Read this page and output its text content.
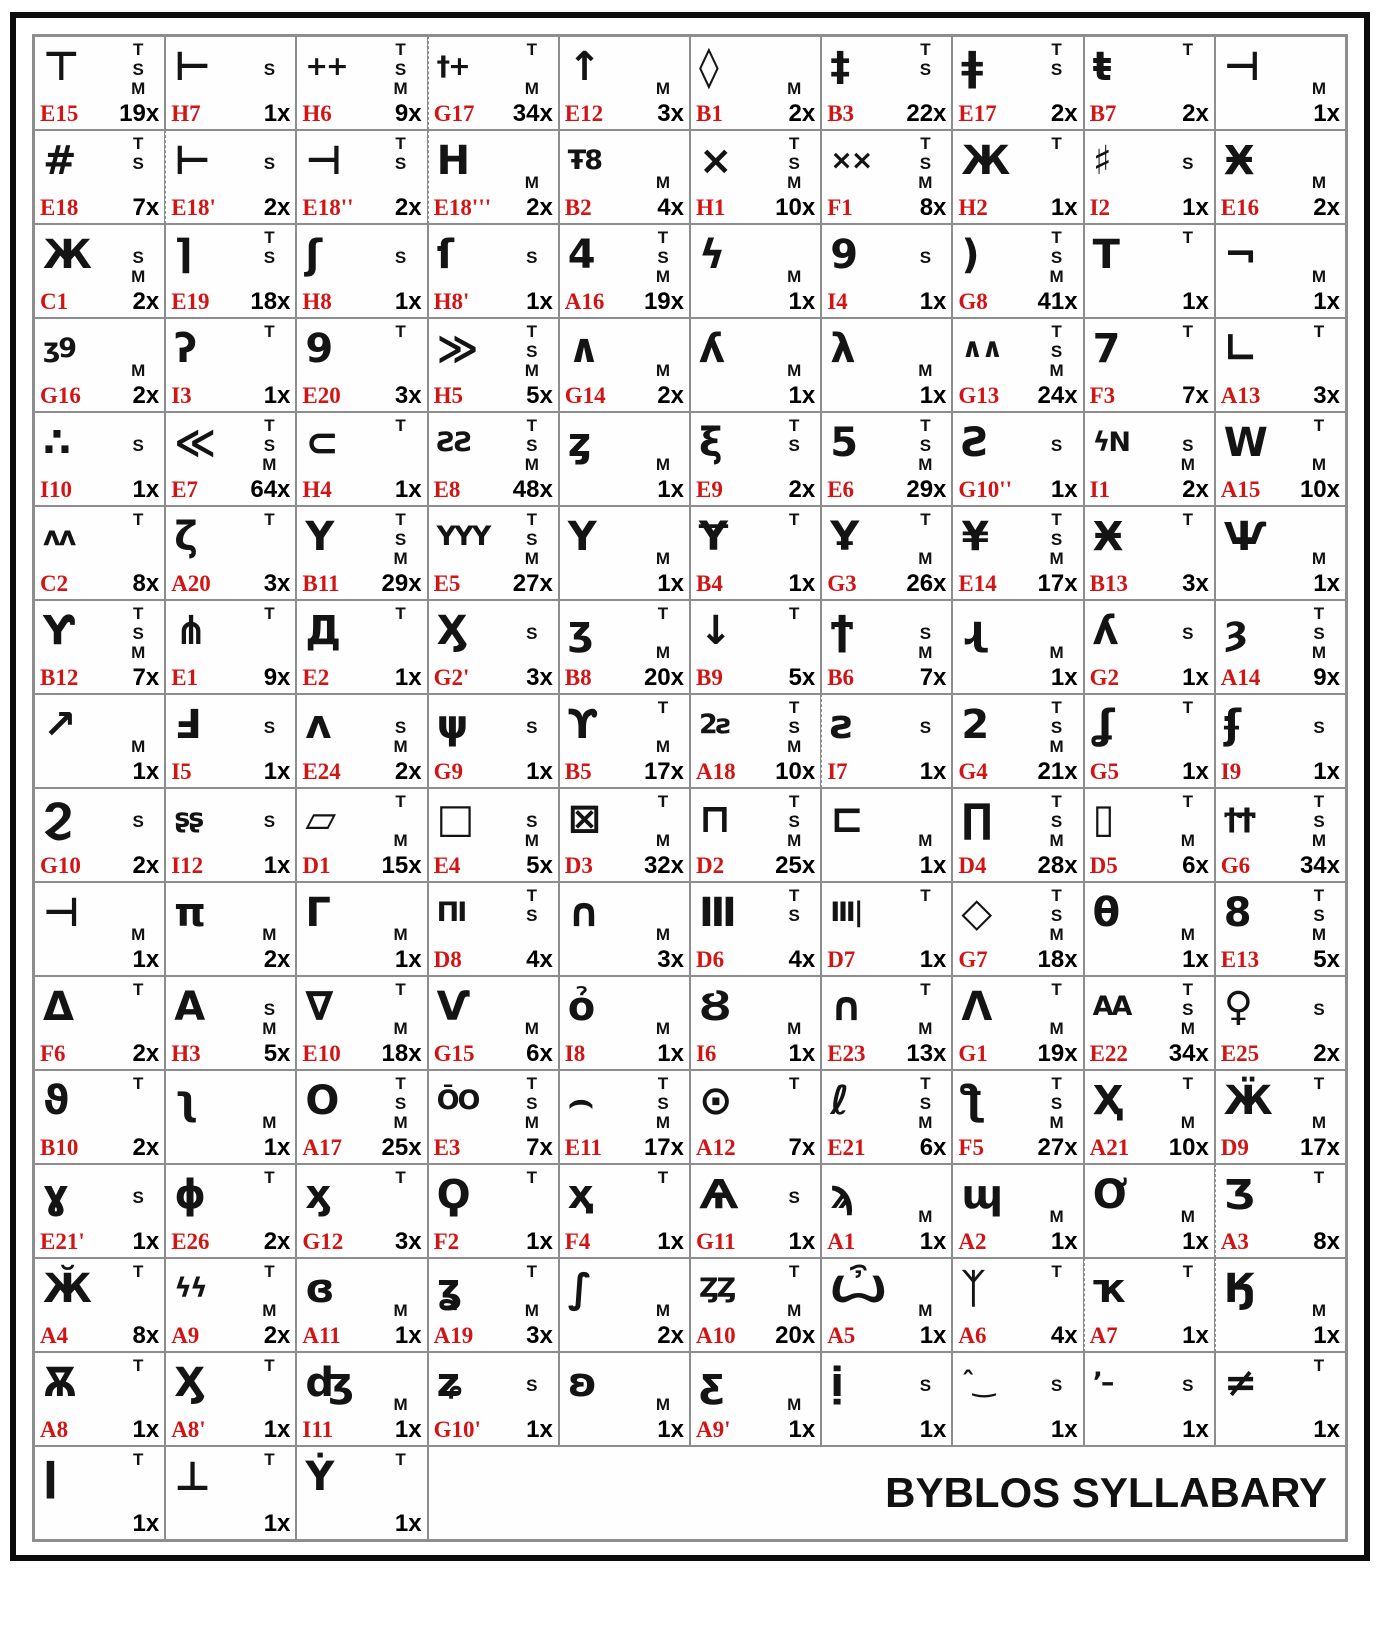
⊤	T
S
M
E15 19x
⊢	S
H7	1x
++
T
S
M
H6	9x
†+
T
M
G17 34x
↑	M
E12 3x
◊	M
B1	2x
‡	T
S
B3 22x
ǂ	T
S
E17 2x
ŧ	T
B7	2x
⊣	M
1x
#	T
S
E18 7x
⊢	S
E18' 2x
⊣	T
S
E18'' 2x
H	M
E18''' 2x
Ŧ8
M
B2	4x
×	T
S
M
H1 10x
××
T
S
M
F1	8x
Ж	T
H2	1x
♯	S
I2	1x
Ӿ	M
E16 2x
Ж	S
M
C1	2x
⌉	T
S
E19 18x
ʃ	S
H8	1x
ſ	S
H8' 1x
4	T
S
M
A16 19x
ϟ	M
1x
9	S
I4	1x
)	T
S
M
G8 41x
T	T
1x
¬	M
1x
ʒ9
M
G16 2x
ʔ	T
I3	1x
9	T
E20 3x
≫	T
S
M
H5	5x
∧	M
G14 2x
ʎ	M
1x
λ	M
1x
∧∧
T
S
M
G13 24x
7	T
F3	7x
∟	T
A13 3x
∴	S
I10	1x
≪	T
S
M
E7 64x
⊂	T
H4	1x
ƧƧ
T
S
M
E8 48x
ȥ	M
1x
ξ	T
S
E9	2x
5	T
S
M
E6 29x
Ƨ	S
G10'' 1x
ϟN	S
M
I1	2x
W	T
M
A15 10x
ʌʌ
T
C2	8x
ζ	T
A20 3x
Y	T
S
M
B11 29x
YYY
T
S
M
E5 27x
Y	M
1x
Ɏ	T
B4	1x
Ұ	T
M
G3 26x
¥	T
S
M
E14 17x
Ӿ	T
B13 3x
Ѱ	M
1x
Ƴ	T
S
M
B12 7x
⋔	T
E1	9x
Д	T
E2	1x
Ӽ	S
G2' 3x
ʒ	T
M
B8 20x
↓	T
B9	5x
ϯ	S
M
B6	7x
ɻ	M
1x
ʎ	S
G2	1x
ȝ	T
S
M
A14 9x
↗	M
1x
Ⅎ	S
I5	1x
ʌ	S
M
E24 2x
ψ	S
G9	1x
ϒ	T
M
B5 17x
2ƨ
T
S
M
A18 10x
ƨ	S
I7	1x
2	T
S
M
G4 21x
ʆ	T
G5	1x
ʄ	S
I9	1x
Ϩ	S
G10 2x
ʂʂ	S
I12	1x
▱	T
M
D1 15x
□	S
M
E4	5x
⊠	T
M
D3 32x
⊓	T
S
M
D2 25x
⊏	M
1x
∏	T
S
M
D4 28x
▯	T
M
D5	6x
ϯϮ
T
S
M
G6 34x
⊣	M
1x
π	M
2x
Γ	M
1x
ΠΙ
T
S
D8	4x
∩	M
3x
Ⅲ	T
S
D6	4x
Ⅲ|
T
D7	1x
◇	T
S
M
G7 18x
θ	M
1x
8	T
S
M
E13 5x
Δ	T
F6	2x
A	S
M
H3	5x
∇	T
M
E10 18x
Ѵ	M
G15 6x
ỏ	M
I8	1x
Ȣ	M
I6	1x
∩	T
M
E23 13x
Ʌ	T
M
G1 19x
AA
T
S
M
E22 34x
♀	S
E25 2x
ϑ	T
B10 2x
ʅ	M
1x
O	T
S
M
A17 25x
ŌO
T
S
M
E3	7x
⌢	T
S
M
E11 17x
⊙	T
A12 7x
ℓ	T
S
M
E21 6x
ƪ	T
S
M
F5 27x
Ҳ	T
M
A21 10x
Ӝ	T
M
D9 17x
ɣ	S
E21' 1x
ϕ	T
E26 2x
ӽ	T
G12 3x
Ϙ	T
F2	1x
ҳ	T
F4	1x
Ѧ	S
G11 1x
ϡ	M
A1	1x
ɰ	M
A2	1x
Ơ	M
1x
Ʒ	T
A3	8x
Ӂ	T
A4	8x
ϟϟ
T
M
A9	2x
ɞ	M
A11 1x
ʓ	T
M
A19 3x
∫	M
2x
ȤȤ
T
M
A10 20x
Ѽ M
A5	1x
ᛉ	T
A6	4x
ҡ	T
A7	1x
Ӄ	M
1x
Ѫ	T
A8	1x
Ӽ	T
A8' 1x
ʤ M
I11	1x
ʑ	S
G10' 1x
ʚ	M
1x
ƹ	M
A9' 1x
ị	S
1x
ˆ‿	S
1x
’–	S
1x
≠	T
1x
ǀ	T
1x
⊥	T
1x
Ẏ	T
1x
BYBLOS SYLLABARY
